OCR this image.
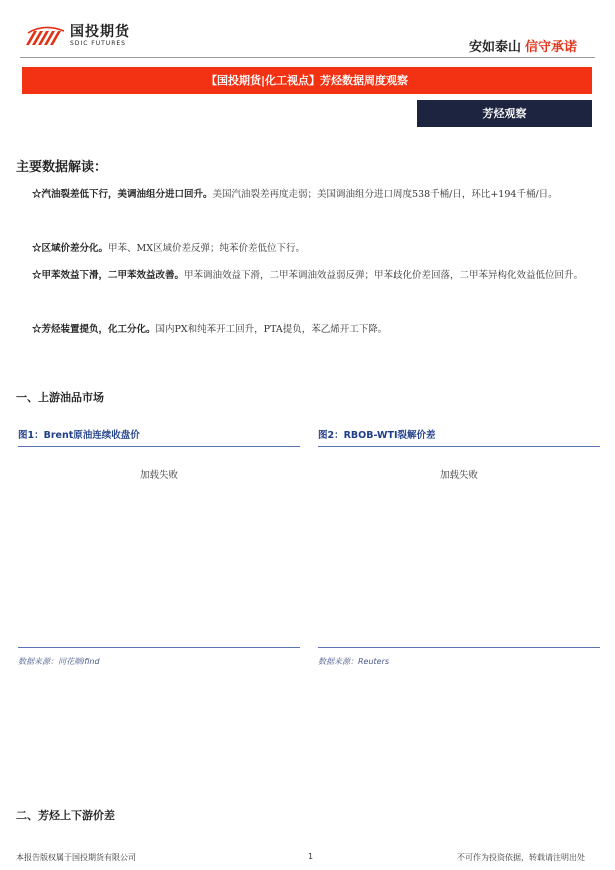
国投期货
SDIC FUTURES	安如泰山 信守承诺
【国投期货|化工视点】芳烃数据周度观察
芳烃观察
主要数据解读：
☆汽油裂差低下行，美调油组分进口回升。美国汽油裂差再度走弱；美国调油组分进口周度538千桶/日，环比+194千桶/日。
☆区域价差分化。甲苯、MX区域价差反弹；纯苯价差低位下行。
☆甲苯效益下滑，二甲苯效益改善。甲苯调油效益下滑，二甲苯调油效益弱反弹；甲苯歧化价差回落，二甲苯异构化效益低位回升。
☆芳烃装置提负，化工分化。国内PX和纯苯开工回升，PTA提负，苯乙烯开工下降。
一、上游油品市场
图1：Brent原油连续收盘价
加载失败
数据来源：同花顺ifind
图2：RBOB-WTI裂解价差
加载失败
数据来源：Reuters
二、芳烃上下游价差
本报告版权属于国投期货有限公司	1	不可作为投资依据，转载请注明出处
